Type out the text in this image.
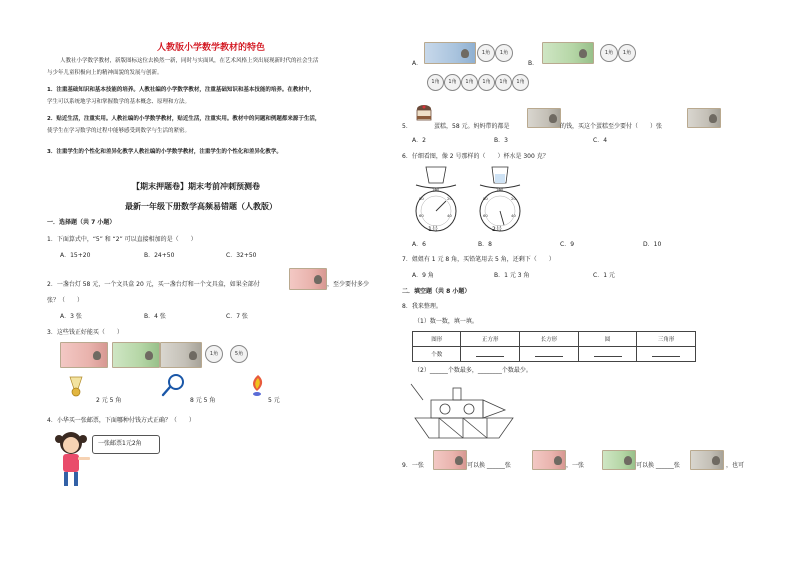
人教版小学数学教材的特色
人教社小学数学教材，新版图标这位去换然一新，同时与实面风，在艺术风格上突出展现新时代的社会生活
与少年儿童积极向上的精神面貌的发展与创新。
1．注重基础知识和基本技能的培养。人教社编的小学数学教材，注重基础知识和基本技能的培养。在教材中，
学生可以系统地学习和掌握数学的基本概念、原理和方法。
2．贴近生活，注重实用。人教社编的小学数学教材，贴近生活，注重实用。教材中的问题和例题都来源于生活，
使学生在学习数学的过程中能够感受到数学与生活的紧密。
3．注重学生的个性化和差异化教学人教社编的小学数学教材，注重学生的个性化和差异化教学。
【期末押题卷】期末考前冲刺预测卷
最新一年级下册数学高频易错题（人教版）
一．选择题（共 7 小题）
1．下面算式中，“5” 和 “2” 可以直接相加的是（　　）
A．15+20	B．24+50	C．32+50
2．一盏台灯 58 元，一个文具盒 20 元，买一盏台灯和一个文具盒，如果全部付	，至少要付多少
张？（　　）
A．3 张	B．4 张	C．7 张
3．这些钱正好能买（　　）
1角	5角
2 元 5 角	8 元 5 角	5 元
4．小华买一张邮票，下面哪种付钱方式正确？（　　）
一张邮票1元2角
A．
1角	1角
B．
1角	1角
1角	1角	1角	1角	1角	1角
5．	蛋糕，58 元。妈妈带的都是	的钱，买这个蛋糕至少要付（　　）张
A．2	B．3	C．4
6．仔细看图，像 2 号那样的（　　）杯水是 300 克？
100
20
40
60
80
1号
100
20
40
60
80
2号
A．6	B．8	C．9	D．10
7．姐姐有 1 元 8 角，买铅笔用去 5 角，还剩下（　　）
A．9 角	B．1 元 3 角	C．1 元
二．填空题（共 8 小题）
8．我来整理。
（1）数一数，填一填。
图形	正方形	长方形	圆	三角形
个数				
（2）______个数最多，________个数最少。
9．一张	可以换 ______张	，一张	可以换 ______张	，也可
